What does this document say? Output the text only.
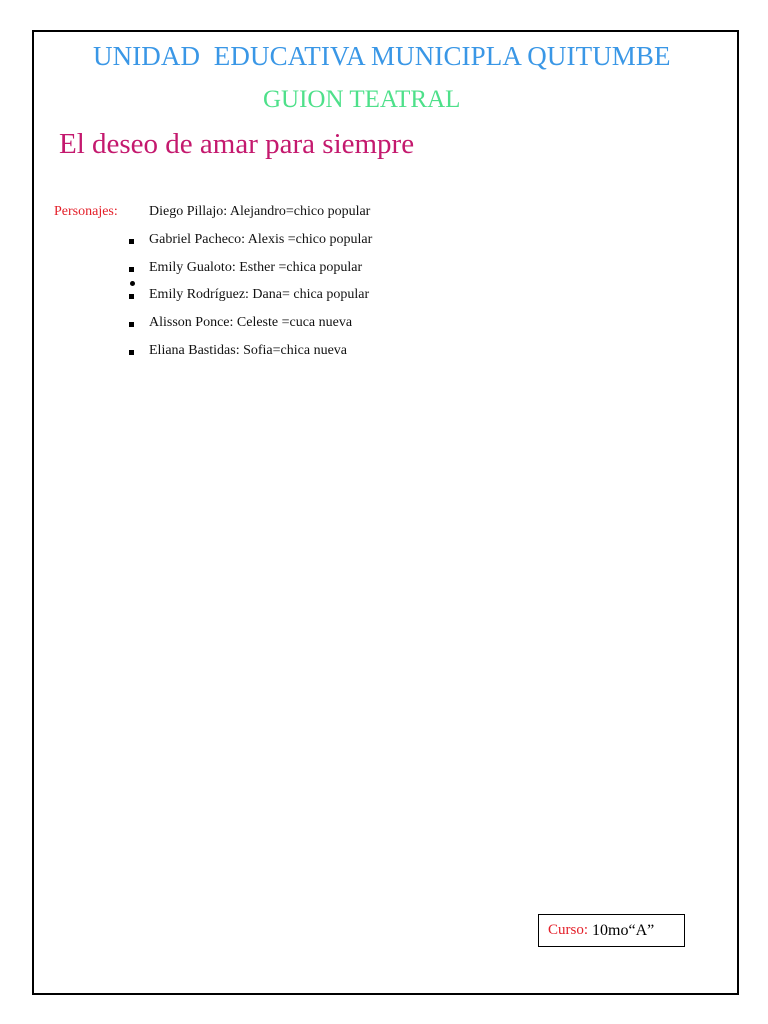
UNIDAD  EDUCATIVA MUNICIPLA QUITUMBE
GUION TEATRAL
El deseo de amar para siempre
Personajes: Diego Pillajo: Alejandro=chico popular
Gabriel Pacheco: Alexis =chico popular
Emily Gualoto: Esther =chica popular
Emily Rodríguez: Dana= chica popular
Alisson Ponce: Celeste =cuca nueva
Eliana Bastidas: Sofia=chica nueva
Curso:
10mo“A”
